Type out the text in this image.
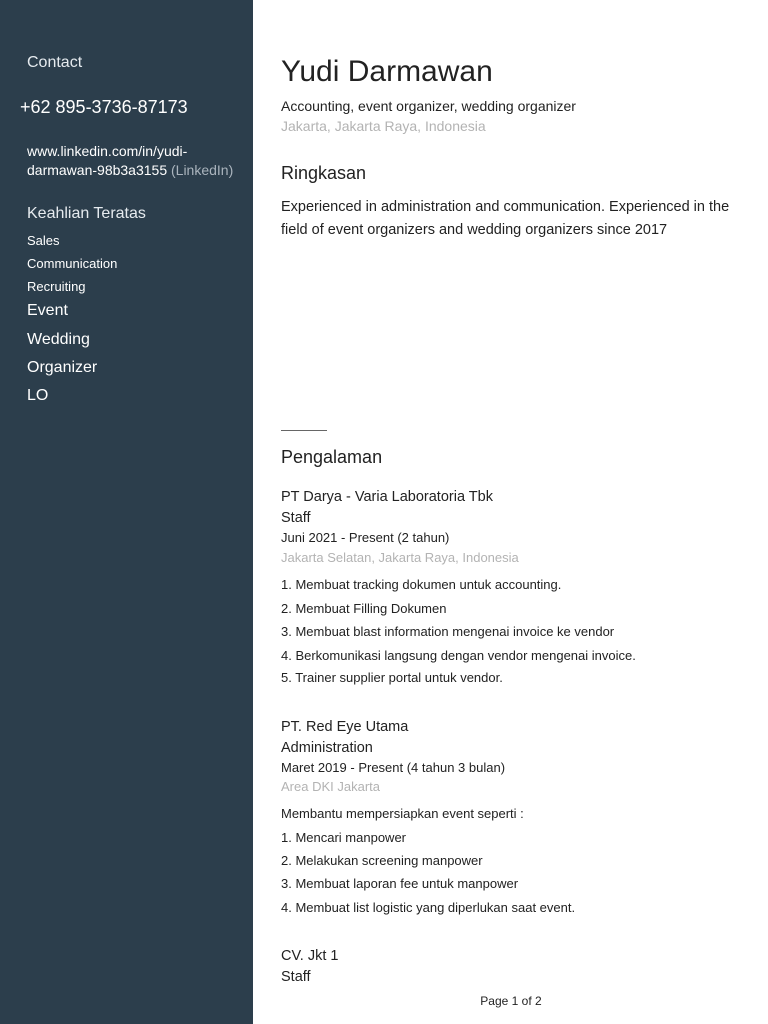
Contact
+62 895-3736-87173
www.linkedin.com/in/yudi-darmawan-98b3a3155 (LinkedIn)
Keahlian Teratas
Sales
Communication
Recruiting
Event
Wedding
Organizer
LO
Yudi Darmawan
Accounting, event organizer, wedding organizer
Jakarta, Jakarta Raya, Indonesia
Ringkasan
Experienced in administration and communication. Experienced in the field of event organizers and wedding organizers since 2017
Pengalaman
PT Darya - Varia Laboratoria Tbk
Staff
Juni 2021 - Present (2 tahun)
Jakarta Selatan, Jakarta Raya, Indonesia
1. Membuat tracking dokumen untuk accounting.
2. Membuat Filling Dokumen
3. Membuat blast information mengenai invoice ke vendor
4. Berkomunikasi langsung dengan vendor mengenai invoice.
5. Trainer supplier portal untuk vendor.
PT. Red Eye Utama
Administration
Maret 2019 - Present (4 tahun 3 bulan)
Area DKI Jakarta
Membantu mempersiapkan event seperti :
1. Mencari manpower
2. Melakukan screening manpower
3. Membuat laporan fee untuk manpower
4. Membuat list logistic yang diperlukan saat event.
CV. Jkt 1
Staff
Page 1 of 2
